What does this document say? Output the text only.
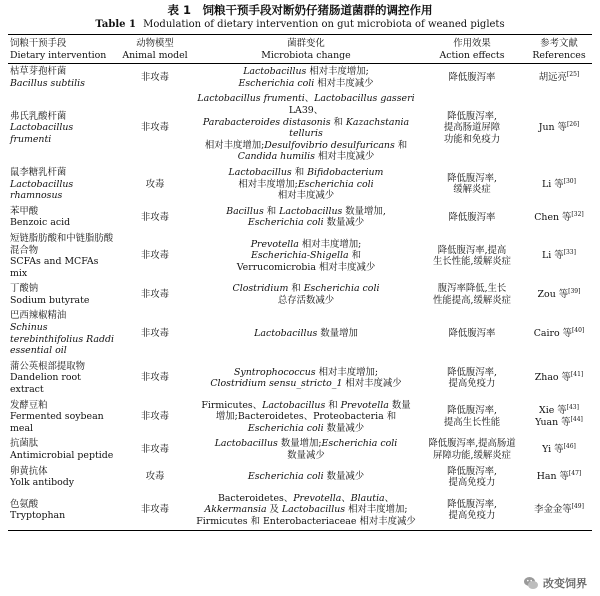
表 1　饲粮干预手段对断奶仔猪肠道菌群的调控作用
Table 1 Modulation of dietary intervention on gut microbiota of weaned piglets
饲粮干预手段
Dietary intervention	动物模型
Animal model	菌群变化
Microbiota change	作用效果
Action effects	参考文献
References

枯草芽孢杆菌
Bacillus subtilis	非攻毒	Lactobacillus 相对丰度增加;
Escherichia coli 相对丰度减少	降低腹泻率	胡远亮[25]

弗氏乳酸杆菌
Lactobacillus frumenti	非攻毒	Lactobacillus frumenti、Lactobacillus gasseri LA39、
Parabacteroides distasonis 和 Kazachstania telluris
相对丰度增加;Desulfovibrio desulfuricans 和
Candida humilis 相对丰度减少	降低腹泻率,
提高肠道屏障
功能和免疫力	Jun 等[26]

鼠李糖乳杆菌
Lactobacillus rhamnosus	攻毒	Lactobacillus 和 Bifidobacterium
相对丰度增加;Escherichia coli
相对丰度减少	降低腹泻率,
缓解炎症	Li 等[30]

苯甲酸
Benzoic acid	非攻毒	Bacillus 和 Lactobacillus 数量增加,
Escherichia coli 数量减少	降低腹泻率	Chen 等[32]

短链脂肪酸和中链脂肪酸混合物
SCFAs and MCFAs mix	非攻毒	Prevotella 相对丰度增加;
Escherichia-Shigella 和
Verrucomicrobia 相对丰度减少	降低腹泻率,提高
生长性能,缓解炎症	Li 等[33]

丁酸钠
Sodium butyrate	非攻毒	Clostridium 和 Escherichia coli
总存活数减少	腹泻率降低,生长
性能提高,缓解炎症	Zou 等[39]

巴西辣椒精油
Schinus terebinthifolius Raddi essential oil	非攻毒	Lactobacillus 数量增加	降低腹泻率	Cairo 等[40]

蒲公英根部提取物
Dandelion root extract	非攻毒	Syntrophococcus 相对丰度增加;
Clostridium sensu_stricto_1 相对丰度减少	降低腹泻率,
提高免疫力	Zhao 等[41]

发酵豆粕
Fermented soybean meal	非攻毒	Firmicutes、Lactobacillus 和 Prevotella 数量
增加;Bacteroidetes、Proteobacteria 和
Escherichia coli 数量减少	降低腹泻率,
提高生长性能	Xie 等[43]
Yuan 等[44]

抗菌肽
Antimicrobial peptide	非攻毒	Lactobacillus 数量增加;Escherichia coli
数量减少	降低腹泻率,提高肠道
屏障功能,缓解炎症	Yi 等[46]

卵黄抗体
Yolk antibody	攻毒	Escherichia coli 数量减少	降低腹泻率,
提高免疫力	Han 等[47]

色氨酸
Tryptophan	非攻毒	Bacteroidetes、Prevotella、Blautia、
Akkermansia 及 Lactobacillus 相对丰度增加;
Firmicutes 和 Enterobacteriaceae 相对丰度减少	降低腹泻率,
提高免疫力	李金金等[49]
改变饲界
